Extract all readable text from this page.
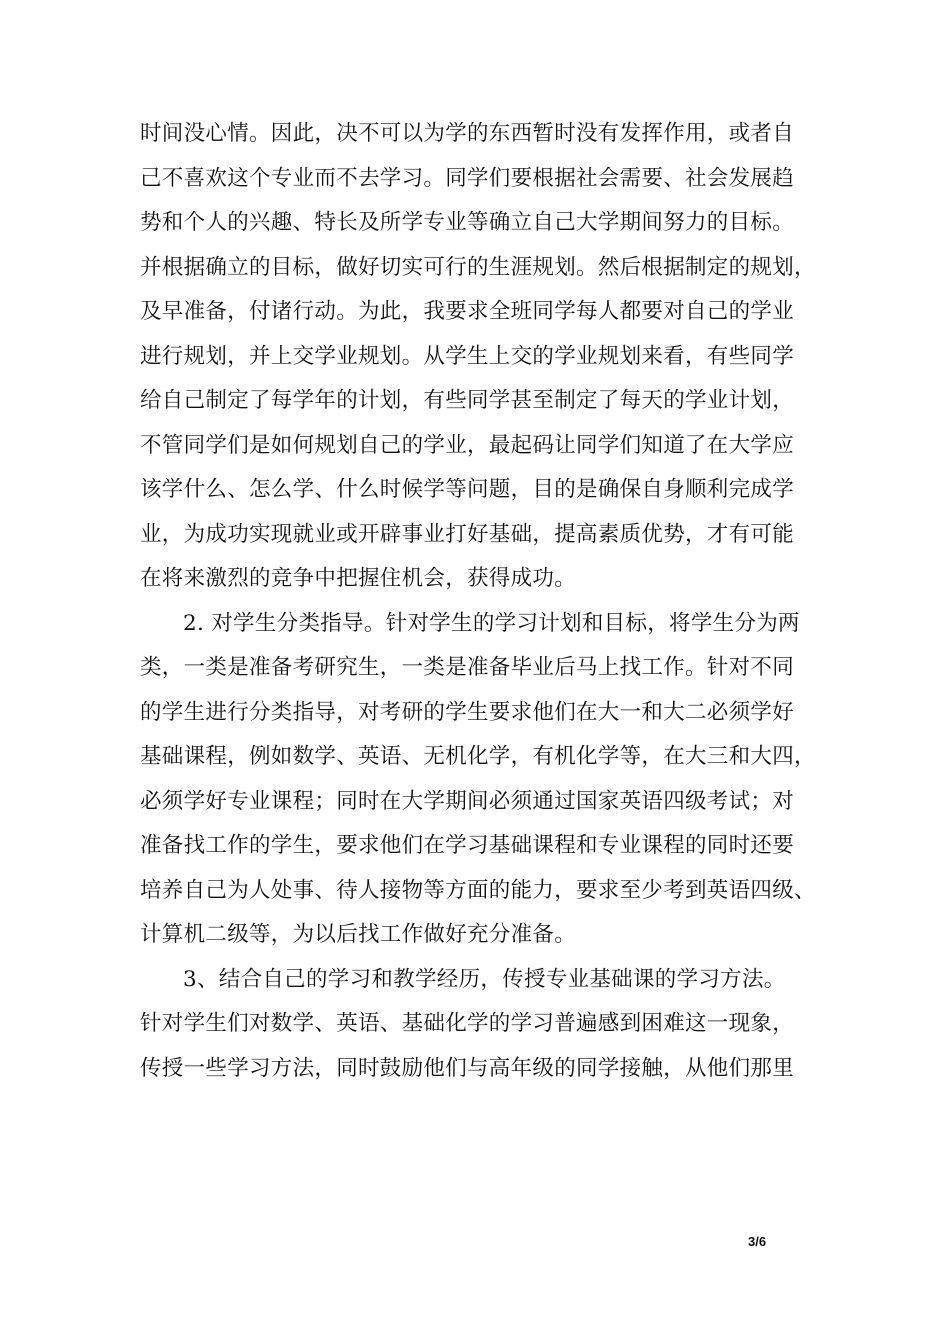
时间没心情。因此，决不可以为学的东西暂时没有发挥作用，或者自
己不喜欢这个专业而不去学习。同学们要根据社会需要、社会发展趋
势和个人的兴趣、特长及所学专业等确立自己大学期间努力的目标。
并根据确立的目标，做好切实可行的生涯规划。然后根据制定的规划，
及早准备，付诸行动。为此，我要求全班同学每人都要对自己的学业
进行规划，并上交学业规划。从学生上交的学业规划来看，有些同学
给自己制定了每学年的计划，有些同学甚至制定了每天的学业计划，
不管同学们是如何规划自己的学业，最起码让同学们知道了在大学应
该学什么、怎么学、什么时候学等问题，目的是确保自身顺利完成学
业，为成功实现就业或开辟事业打好基础，提高素质优势，才有可能
在将来激烈的竞争中把握住机会，获得成功。
2. 对学生分类指导。针对学生的学习计划和目标，将学生分为两
类，一类是准备考研究生，一类是准备毕业后马上找工作。针对不同
的学生进行分类指导，对考研的学生要求他们在大一和大二必须学好
基础课程，例如数学、英语、无机化学，有机化学等，在大三和大四，
必须学好专业课程；同时在大学期间必须通过国家英语四级考试；对
准备找工作的学生，要求他们在学习基础课程和专业课程的同时还要
培养自己为人处事、待人接物等方面的能力，要求至少考到英语四级、
计算机二级等，为以后找工作做好充分准备。
3、结合自己的学习和教学经历，传授专业基础课的学习方法。
针对学生们对数学、英语、基础化学的学习普遍感到困难这一现象，
传授一些学习方法，同时鼓励他们与高年级的同学接触，从他们那里
3/6
